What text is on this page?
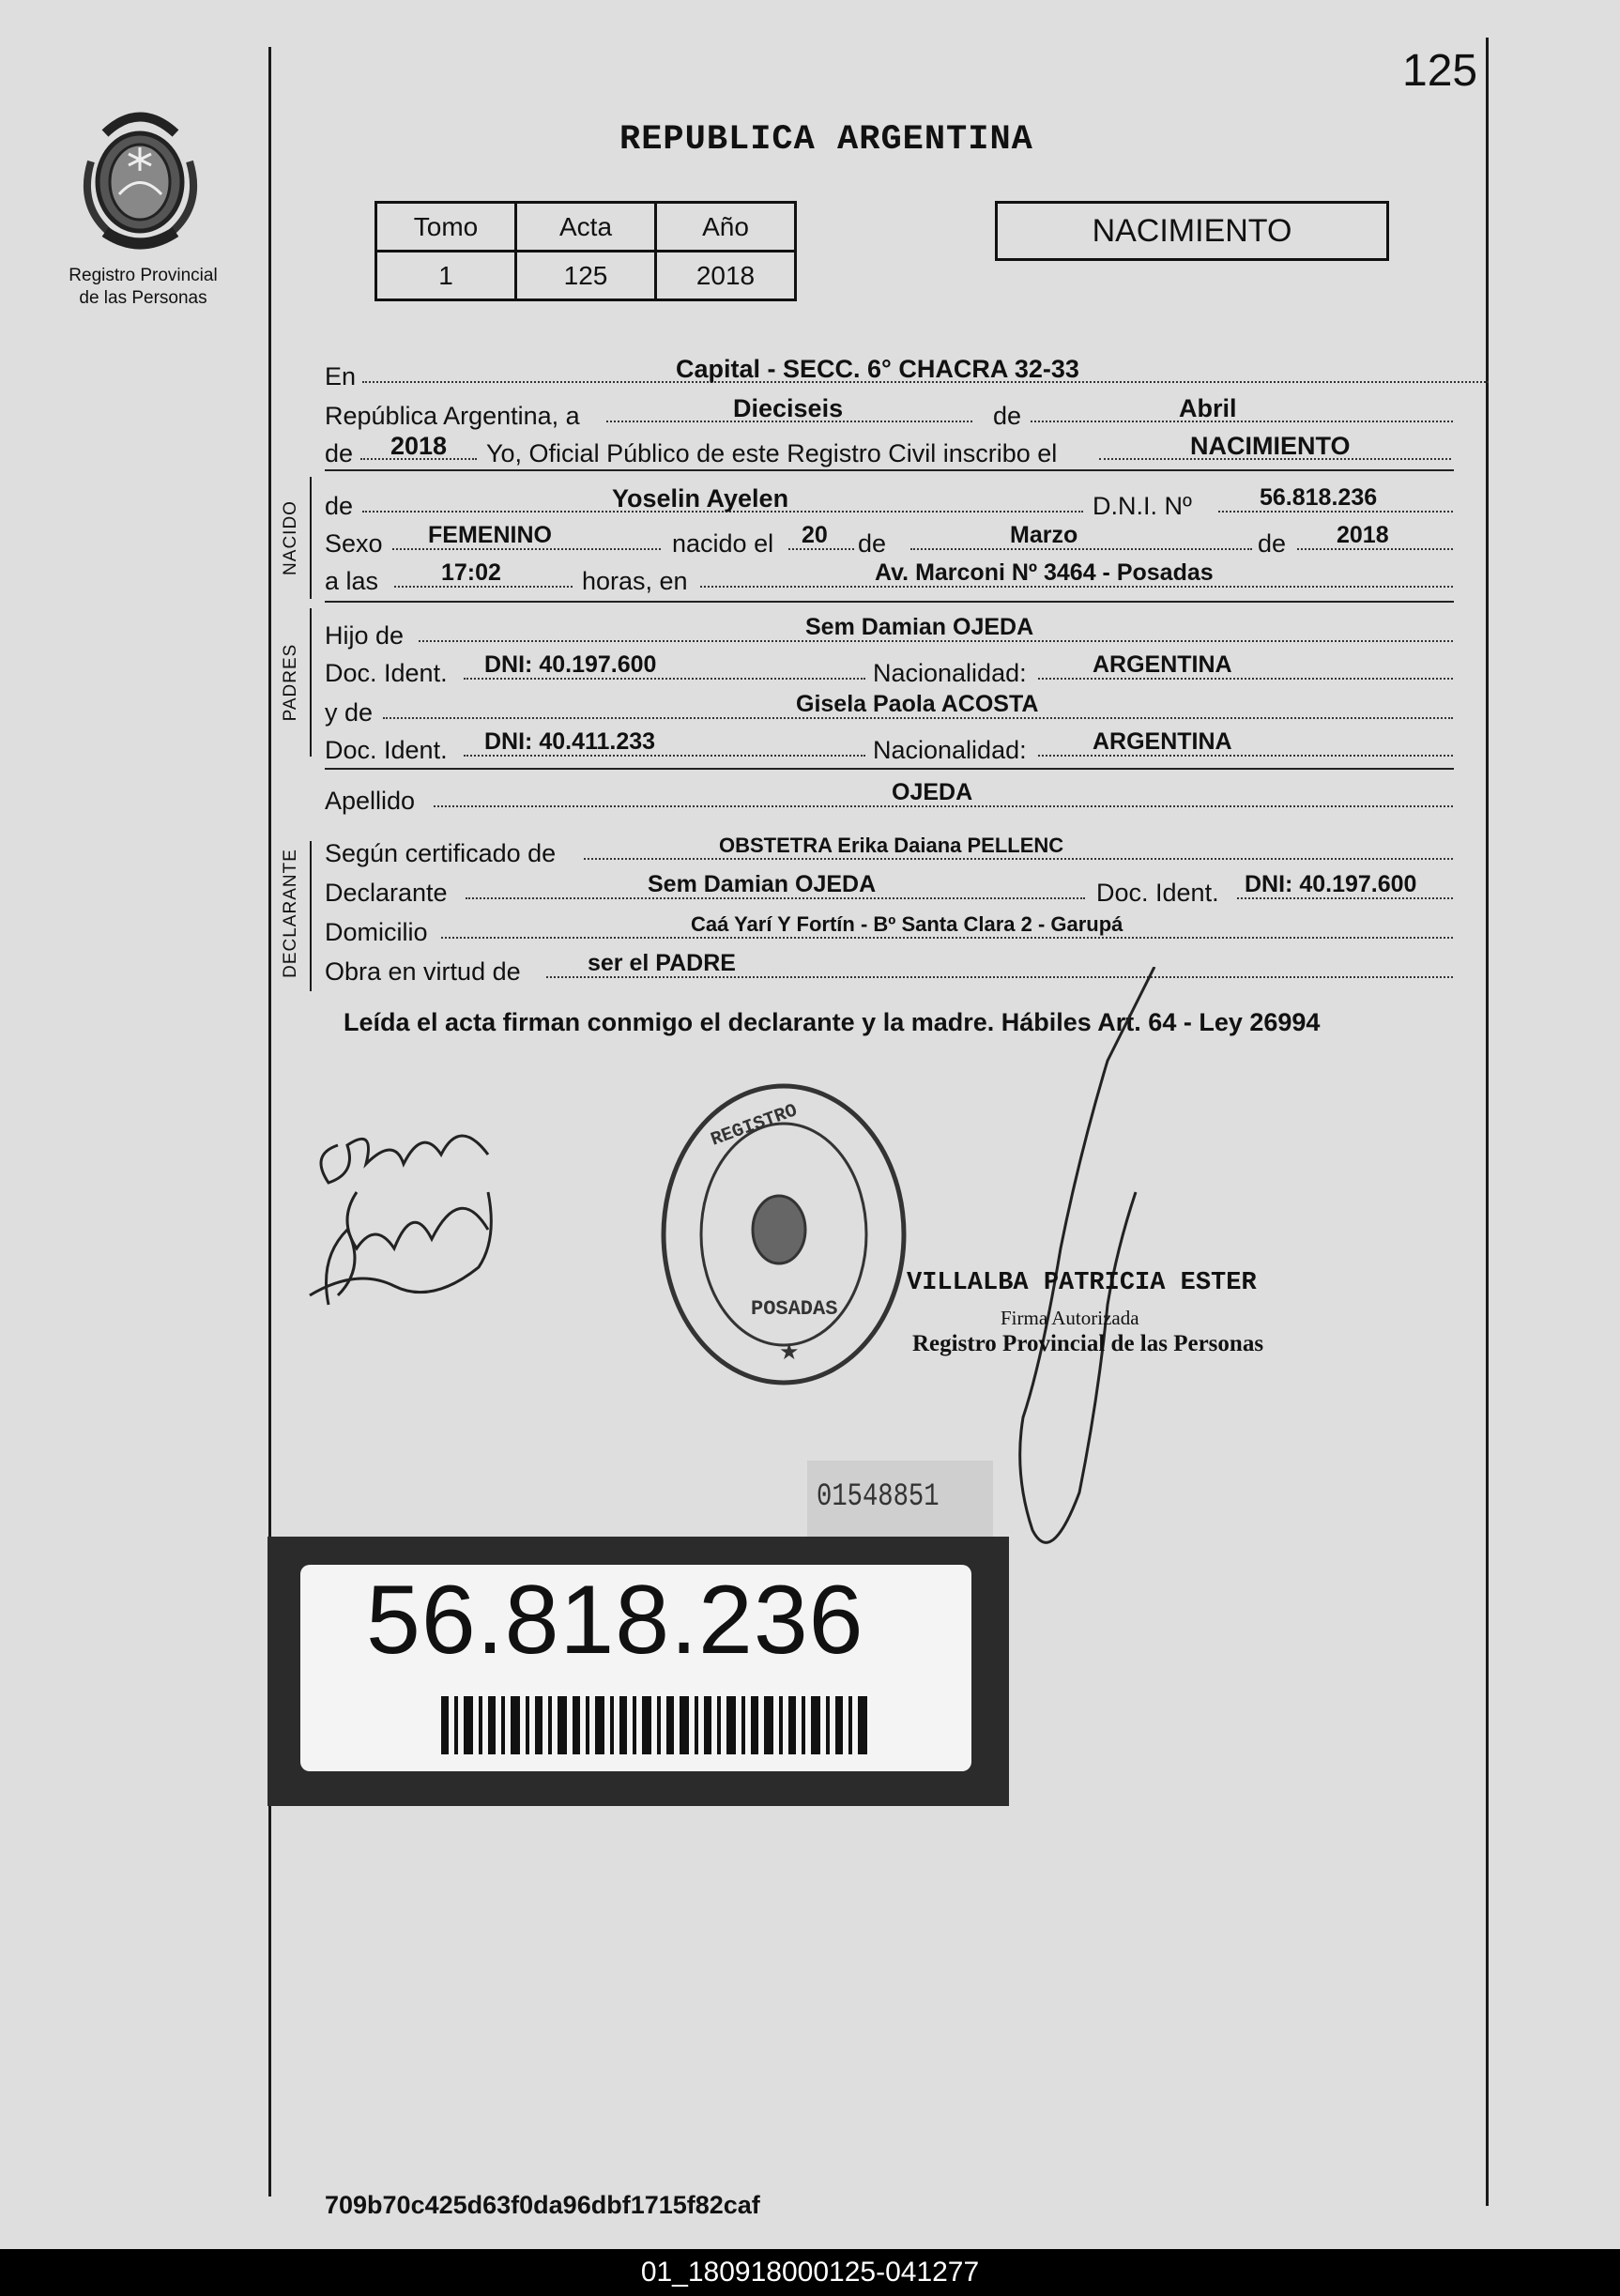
125
Registro Provincial
de las Personas
REPUBLICA ARGENTINA
Tomo	Acta	Año
1	125	2018
NACIMIENTO
En	Capital - SECC. 6° CHACRA 32-33
República Argentina, a	Dieciseis	de	Abril
de 2018 Yo, Oficial Público de este Registro Civil inscribo el	NACIMIENTO
NACIDO de	Yoselin Ayelen	D.N.I. Nº	56.818.236
Sexo FEMENINO	nacido el 20 de	Marzo	de 2018
a las	17:02	horas, en	Av. Marconi Nº 3464 - Posadas
PADRES
Hijo de	Sem Damian OJEDA
Doc. Ident. DNI: 40.197.600	Nacionalidad:	ARGENTINA
y de	Gisela Paola ACOSTA
Doc. Ident. DNI: 40.411.233	Nacionalidad:	ARGENTINA
Apellido	OJEDA
DECLARANTE Según certificado de	OBSTETRA Erika Daiana PELLENC
Declarante	Sem Damian OJEDA	Doc. Ident. DNI: 40.197.600
Domicilio	Caá Yarí Y Fortín - Bº Santa Clara 2 - Garupá
Obra en virtud de	ser el PADRE
Leída el acta firman conmigo el declarante y la madre. Hábiles Art. 64 - Ley 26994
POSADAS
REGISTRO
★
VILLALBA PATRICIA ESTER
Firma Autorizada
Registro Provincial de las Personas
01548851
56.818.236
709b70c425d63f0da96dbf1715f82caf
01_180918000125-041277
